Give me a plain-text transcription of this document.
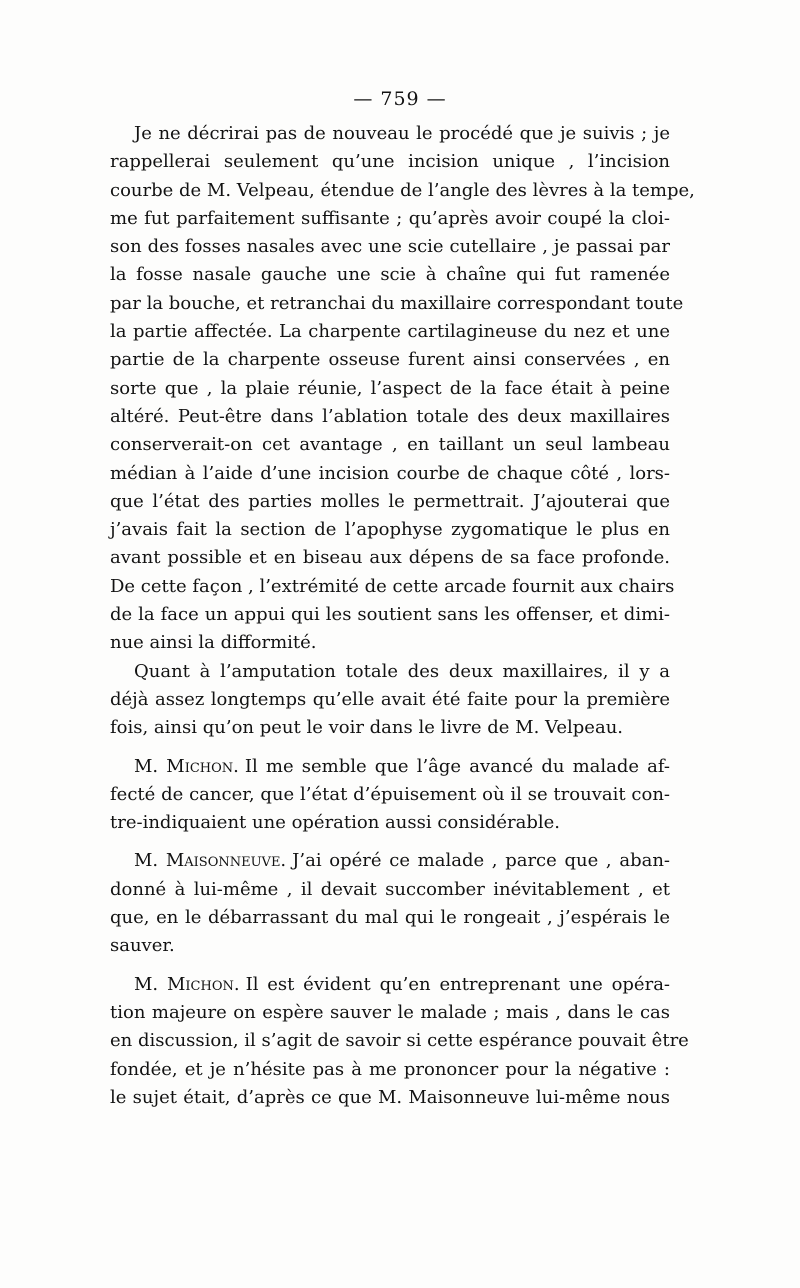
— 759 —
Je ne décrirai pas de nouveau le procédé que je suivis ; je
rappellerai seulement qu’une incision unique , l’incision
courbe de M. Velpeau, étendue de l’angle des lèvres à la tempe,
me fut parfaitement suffisante ; qu’après avoir coupé la cloi-
son des fosses nasales avec une scie cutellaire , je passai par
la fosse nasale gauche une scie à chaîne qui fut ramenée
par la bouche, et retranchai du maxillaire correspondant toute
la partie affectée. La charpente cartilagineuse du nez et une
partie de la charpente osseuse furent ainsi conservées , en
sorte que , la plaie réunie, l’aspect de la face était à peine
altéré. Peut-être dans l’ablation totale des deux maxillaires
conserverait-on cet avantage , en taillant un seul lambeau
médian à l’aide d’une incision courbe de chaque côté , lors-
que l’état des parties molles le permettrait. J’ajouterai que
j’avais fait la section de l’apophyse zygomatique le plus en
avant possible et en biseau aux dépens de sa face profonde.
De cette façon , l’extrémité de cette arcade fournit aux chairs
de la face un appui qui les soutient sans les offenser, et dimi-
nue ainsi la difformité.
Quant à l’amputation totale des deux maxillaires, il y a
déjà assez longtemps qu’elle avait été faite pour la première
fois, ainsi qu’on peut le voir dans le livre de M. Velpeau.
M. Michon. Il me semble que l’âge avancé du malade af-
fecté de cancer, que l’état d’épuisement où il se trouvait con-
tre-indiquaient une opération aussi considérable.
M. Maisonneuve. J’ai opéré ce malade , parce que , aban-
donné à lui-même , il devait succomber inévitablement , et
que, en le débarrassant du mal qui le rongeait , j’espérais le
sauver.
M. Michon. Il est évident qu’en entreprenant une opéra-
tion majeure on espère sauver le malade ; mais , dans le cas
en discussion, il s’agit de savoir si cette espérance pouvait être
fondée, et je n’hésite pas à me prononcer pour la négative :
le sujet était, d’après ce que M. Maisonneuve lui-même nous
